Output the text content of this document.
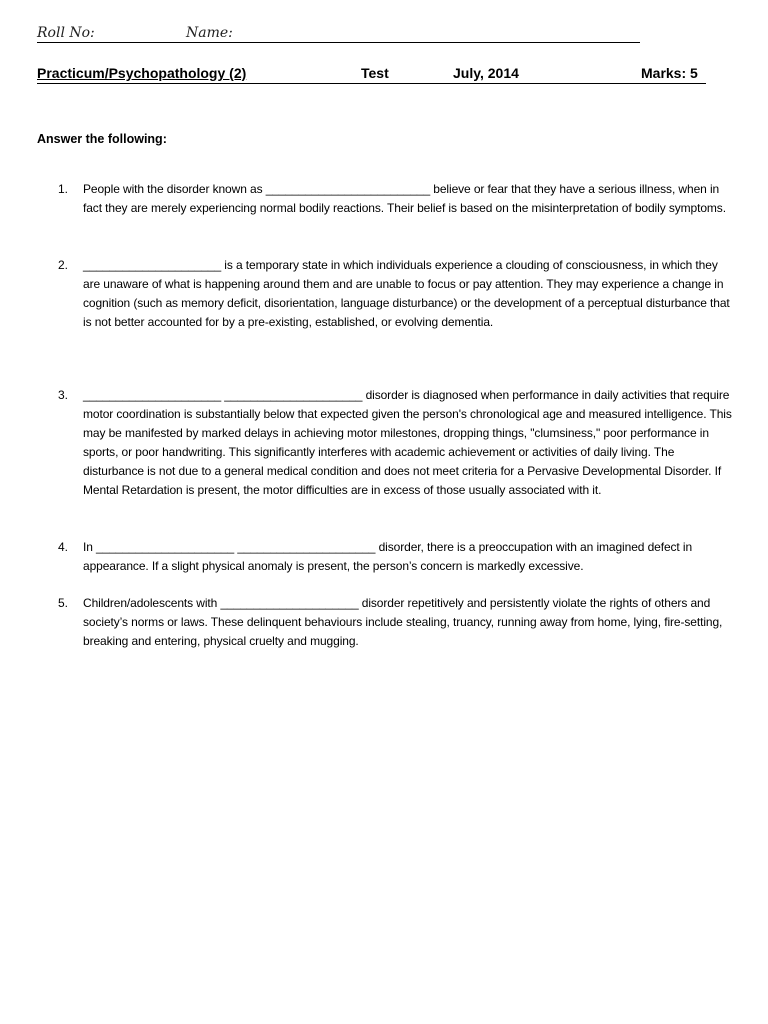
Roll No:	Name:
Practicum/Psychopathology (2)	Test	July, 2014	Marks: 5
Answer the following:
1. People with the disorder known as _________________________ believe or fear that they have a serious illness, when in fact they are merely experiencing normal bodily reactions. Their belief is based on the misinterpretation of bodily symptoms.
2. _____________________ is a temporary state in which individuals experience a clouding of consciousness, in which they are unaware of what is happening around them and are unable to focus or pay attention. They may experience a change in cognition (such as memory deficit, disorientation, language disturbance) or the development of a perceptual disturbance that is not better accounted for by a pre-existing, established, or evolving dementia.
3. _____________________ _____________________ disorder is diagnosed when performance in daily activities that require motor coordination is substantially below that expected given the person's chronological age and measured intelligence. This may be manifested by marked delays in achieving motor milestones, dropping things, "clumsiness," poor performance in sports, or poor handwriting. This significantly interferes with academic achievement or activities of daily living. The disturbance is not due to a general medical condition and does not meet criteria for a Pervasive Developmental Disorder. If Mental Retardation is present, the motor difficulties are in excess of those usually associated with it.
4. In _____________________ _____________________ disorder, there is a preoccupation with an imagined defect in appearance. If a slight physical anomaly is present, the person’s concern is markedly excessive.
5. Children/adolescents with _____________________ disorder repetitively and persistently violate the rights of others and society’s norms or laws. These delinquent behaviours include stealing, truancy, running away from home, lying, fire-setting, breaking and entering, physical cruelty and mugging.
